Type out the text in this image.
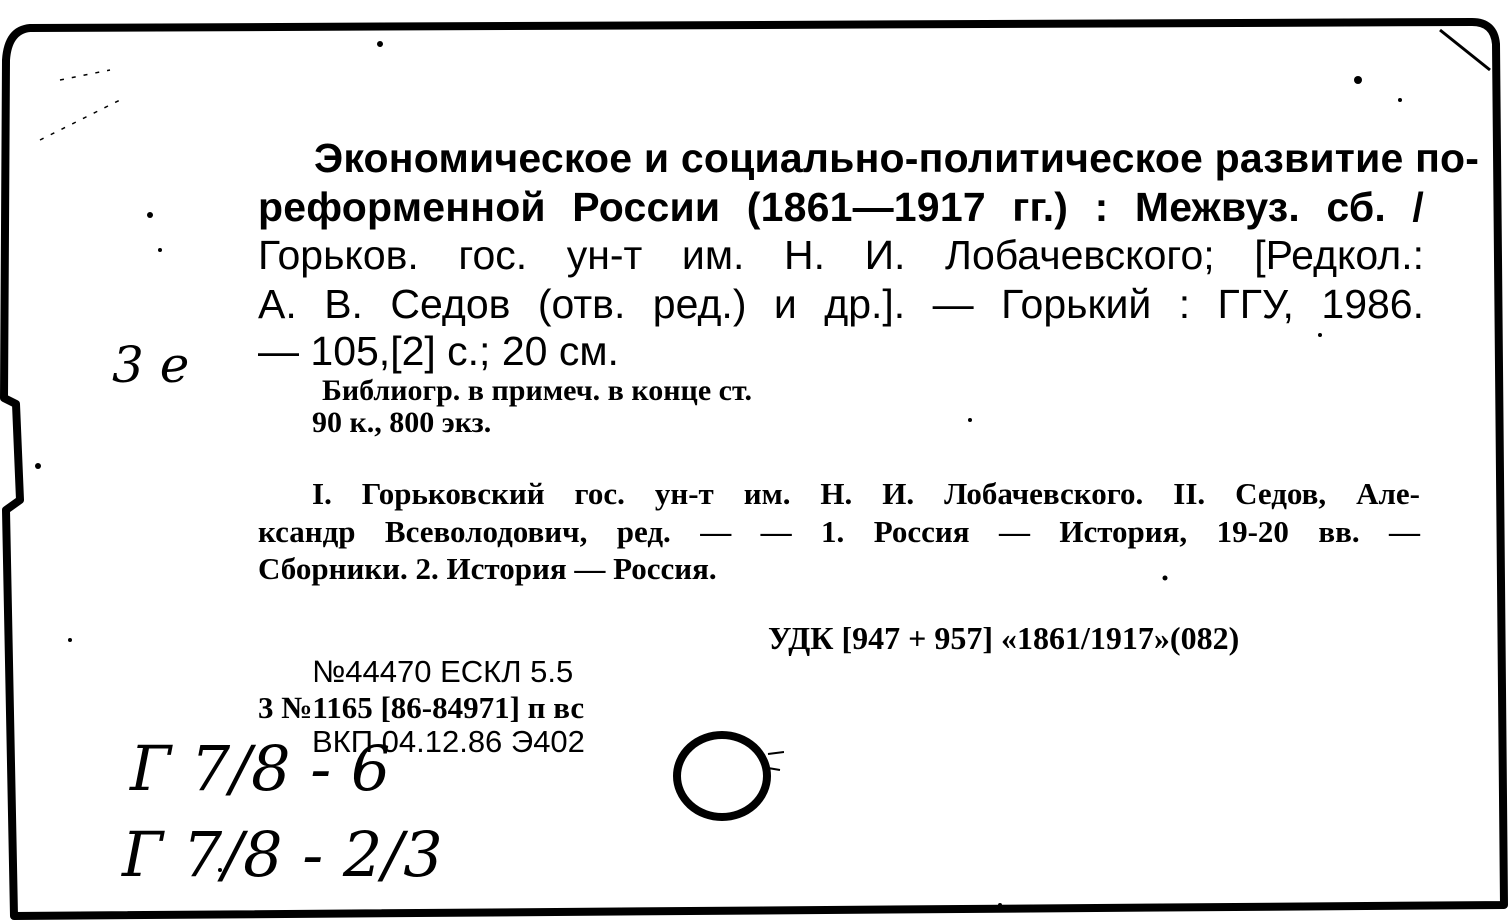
Экономическое и социально-политическое развитие по-
реформенной России (1861—1917 гг.) : Межвуз. сб. /
Горьков. гос. ун-т им. Н. И. Лобачевского; [Редкол.:
А. В. Седов (отв. ред.) и др.]. — Горький : ГГУ, 1986.
— 105,[2] с.; 20 см.
Библиогр. в примеч. в конце ст.
90 к., 800 экз.
I. Горьковский гос. ун-т им. Н. И. Лобачевского. II. Седов, Але-
ксандр Всеволодович, ред. — — 1. Россия — История, 19-20 вв. —
Сборники. 2. История — Россия.
УДК [947 + 957] «1861/1917»(082)
№44470 ЕСКЛ 5.5
3 №1165 [86-84971] п вс
ВКП 04.12.86 Э402
3 е
Г 7/8 - 6
Г 7/8 - 2/3
